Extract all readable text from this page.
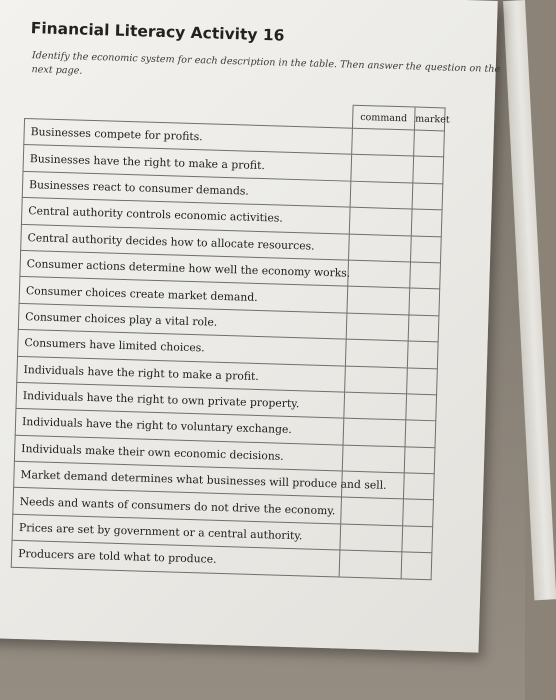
Financial Literacy Activity 16
Identify the economic system for each description in the table. Then answer the question on the next page.
	command	market
Businesses compete for profits.		
Businesses have the right to make a profit.		
Businesses react to consumer demands.		
Central authority controls economic activities.		
Central authority decides how to allocate resources.		
Consumer actions determine how well the economy works.		
Consumer choices create market demand.		
Consumer choices play a vital role.		
Consumers have limited choices.		
Individuals have the right to make a profit.		
Individuals have the right to own private property.		
Individuals have the right to voluntary exchange.		
Individuals make their own economic decisions.		
Market demand determines what businesses will produce and sell.		
Needs and wants of consumers do not drive the economy.		
Prices are set by government or a central authority.		
Producers are told what to produce.		
